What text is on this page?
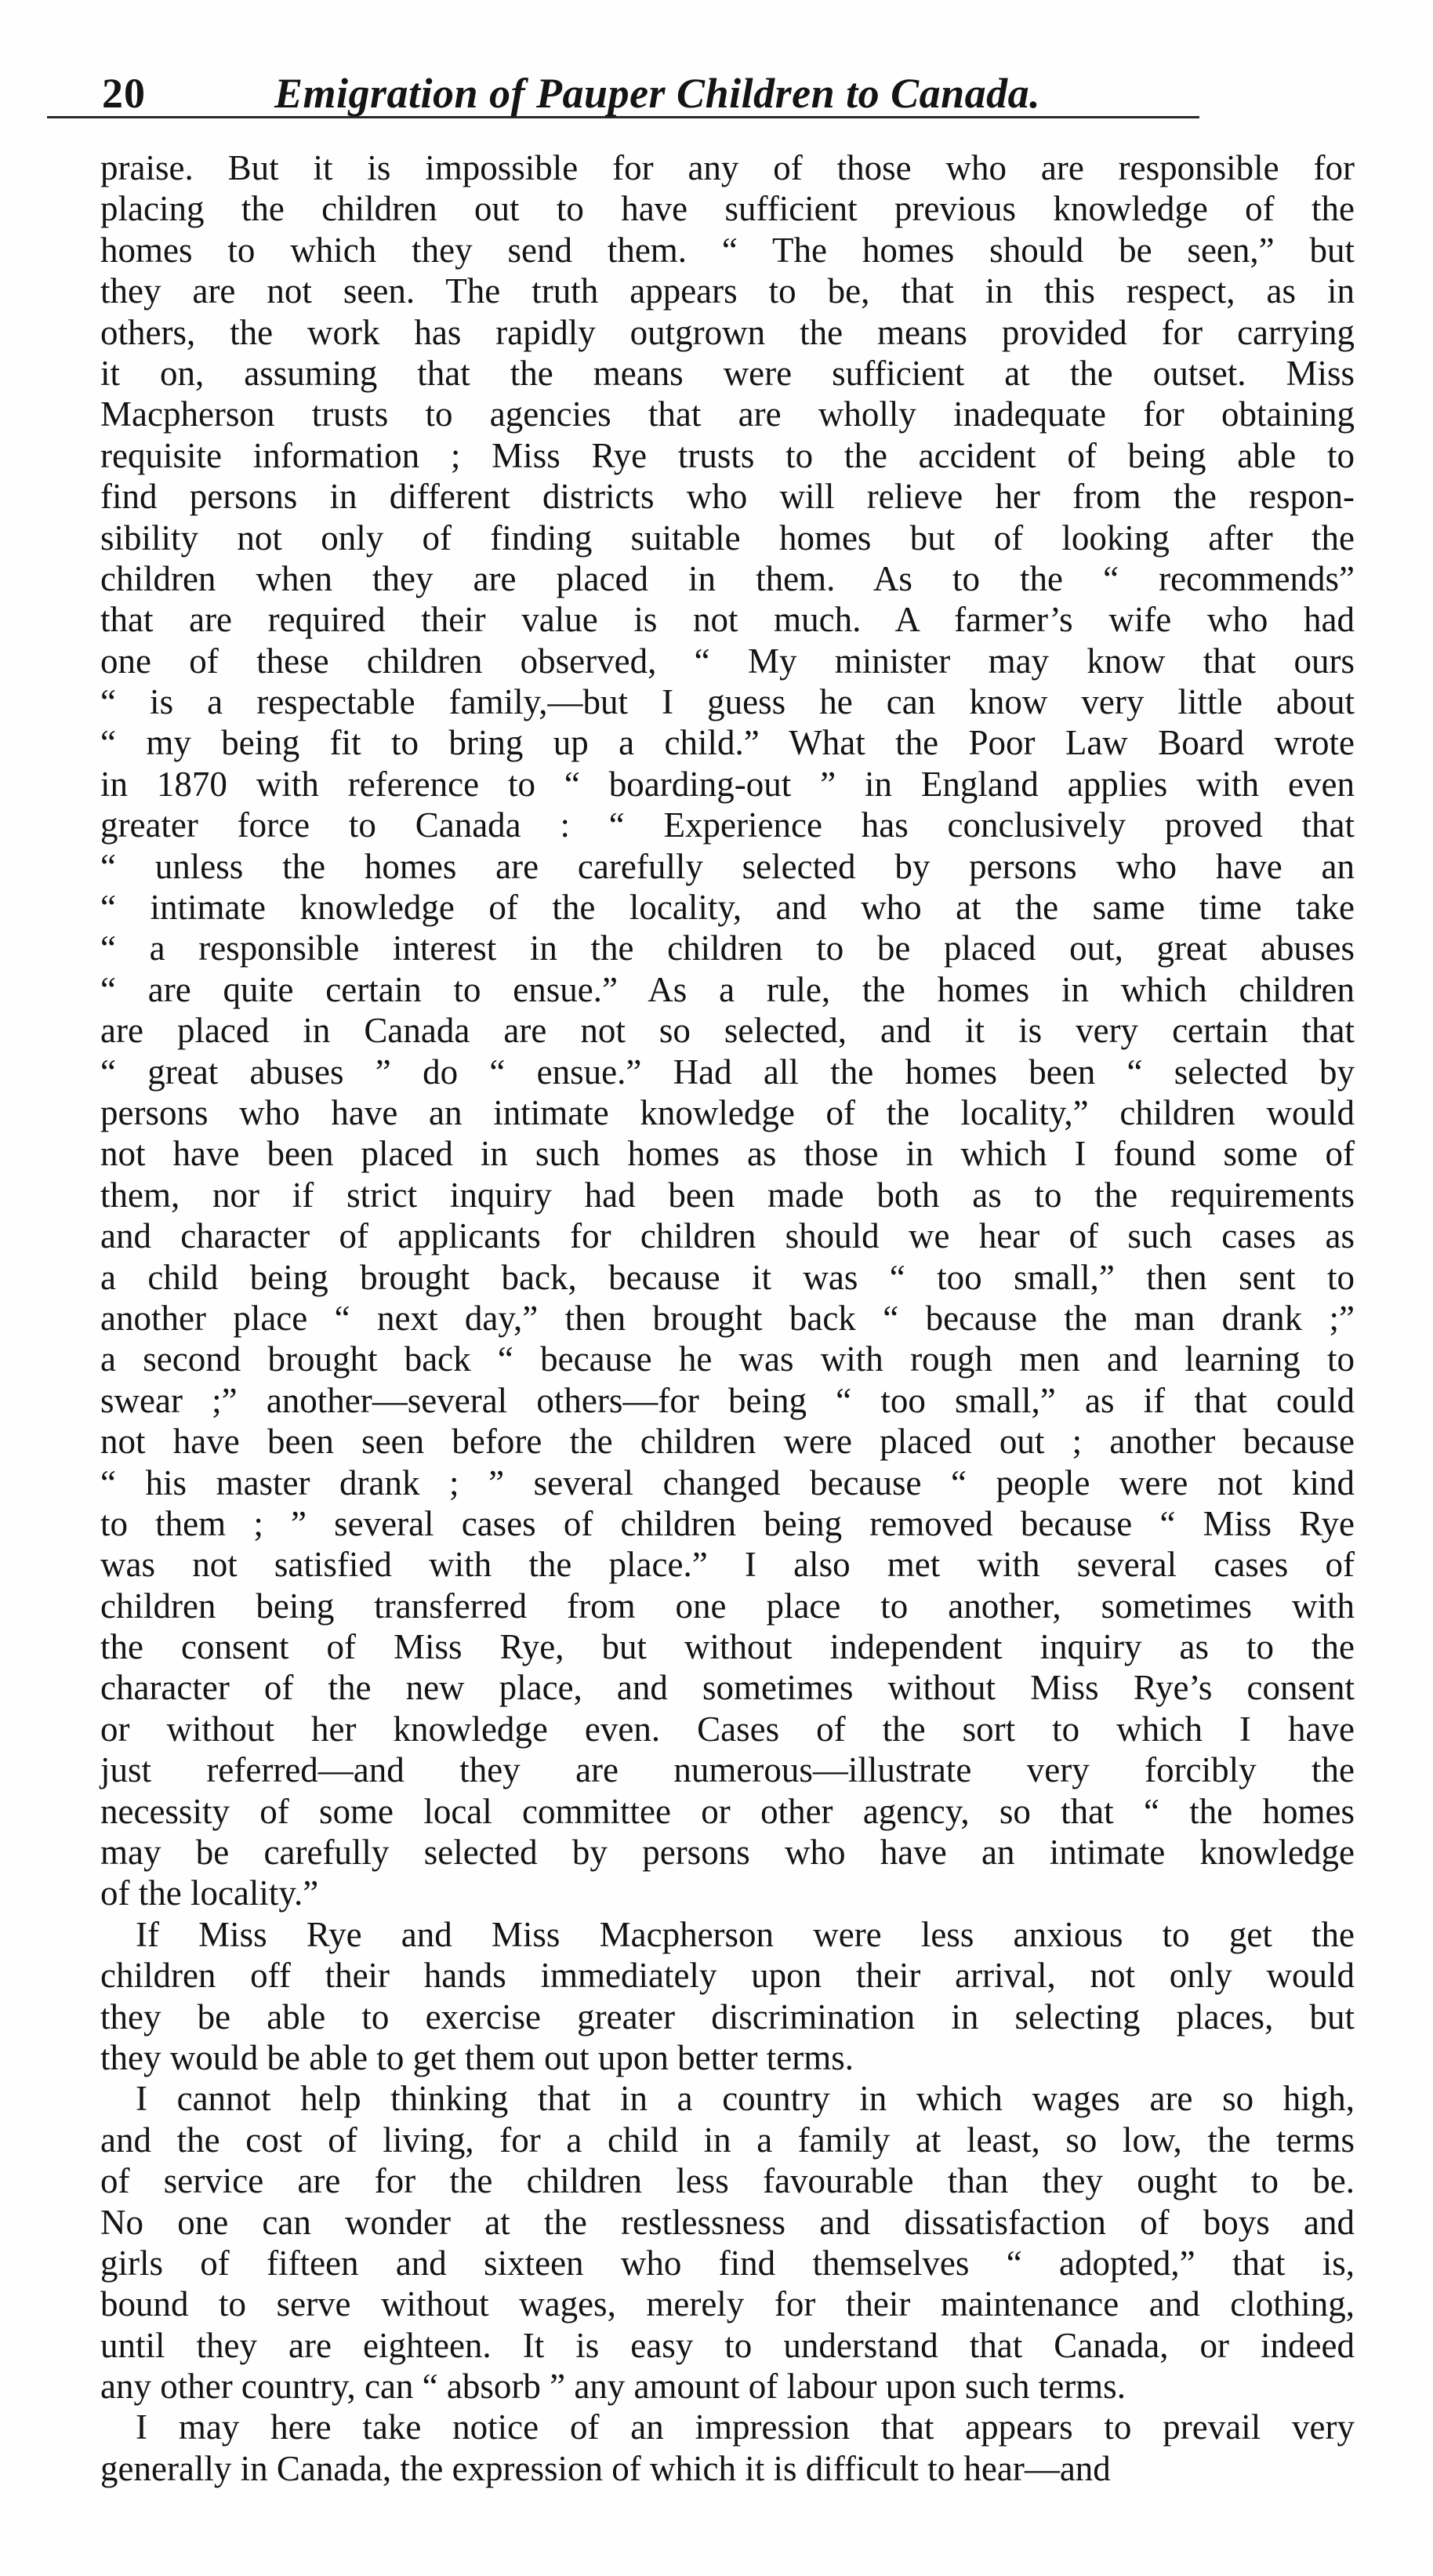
20	Emigration of Pauper Children to Canada.
praise. But it is impossible for any of those who are responsible for
placing the children out to have sufficient previous knowledge of the
homes to which they send them. “ The homes should be seen,” but
they are not seen. The truth appears to be, that in this respect, as in
others, the work has rapidly outgrown the means provided for carrying
it on, assuming that the means were sufficient at the outset. Miss
Macpherson trusts to agencies that are wholly inadequate for obtaining
requisite information ; Miss Rye trusts to the accident of being able to
find persons in different districts who will relieve her from the respon-
sibility not only of finding suitable homes but of looking after the
children when they are placed in them. As to the “ recommends”
that are required their value is not much. A farmer’s wife who had
one of these children observed, “ My minister may know that ours
“ is a respectable family,—but I guess he can know very little about
“ my being fit to bring up a child.” What the Poor Law Board wrote
in 1870 with reference to “ boarding-out ” in England applies with even
greater force to Canada : “ Experience has conclusively proved that
“ unless the homes are carefully selected by persons who have an
“ intimate knowledge of the locality, and who at the same time take
“ a responsible interest in the children to be placed out, great abuses
“ are quite certain to ensue.” As a rule, the homes in which children
are placed in Canada are not so selected, and it is very certain that
“ great abuses ” do “ ensue.” Had all the homes been “ selected by
persons who have an intimate knowledge of the locality,” children would
not have been placed in such homes as those in which I found some of
them, nor if strict inquiry had been made both as to the requirements
and character of applicants for children should we hear of such cases as
a child being brought back, because it was “ too small,” then sent to
another place “ next day,” then brought back “ because the man drank ;”
a second brought back “ because he was with rough men and learning to
swear ;” another—several others—for being “ too small,” as if that could
not have been seen before the children were placed out ; another because
“ his master drank ; ” several changed because “ people were not kind
to them ; ” several cases of children being removed because “ Miss Rye
was not satisfied with the place.” I also met with several cases of
children being transferred from one place to another, sometimes with
the consent of Miss Rye, but without independent inquiry as to the
character of the new place, and sometimes without Miss Rye’s consent
or without her knowledge even. Cases of the sort to which I have
just referred—and they are numerous—illustrate very forcibly the
necessity of some local committee or other agency, so that “ the homes
may be carefully selected by persons who have an intimate knowledge
of the locality.”
If Miss Rye and Miss Macpherson were less anxious to get the
children off their hands immediately upon their arrival, not only would
they be able to exercise greater discrimination in selecting places, but
they would be able to get them out upon better terms.
I cannot help thinking that in a country in which wages are so high,
and the cost of living, for a child in a family at least, so low, the terms
of service are for the children less favourable than they ought to be.
No one can wonder at the restlessness and dissatisfaction of boys and
girls of fifteen and sixteen who find themselves “ adopted,” that is,
bound to serve without wages, merely for their maintenance and clothing,
until they are eighteen. It is easy to understand that Canada, or indeed
any other country, can “ absorb ” any amount of labour upon such terms.
I may here take notice of an impression that appears to prevail very
generally in Canada, the expression of which it is difficult to hear—and
